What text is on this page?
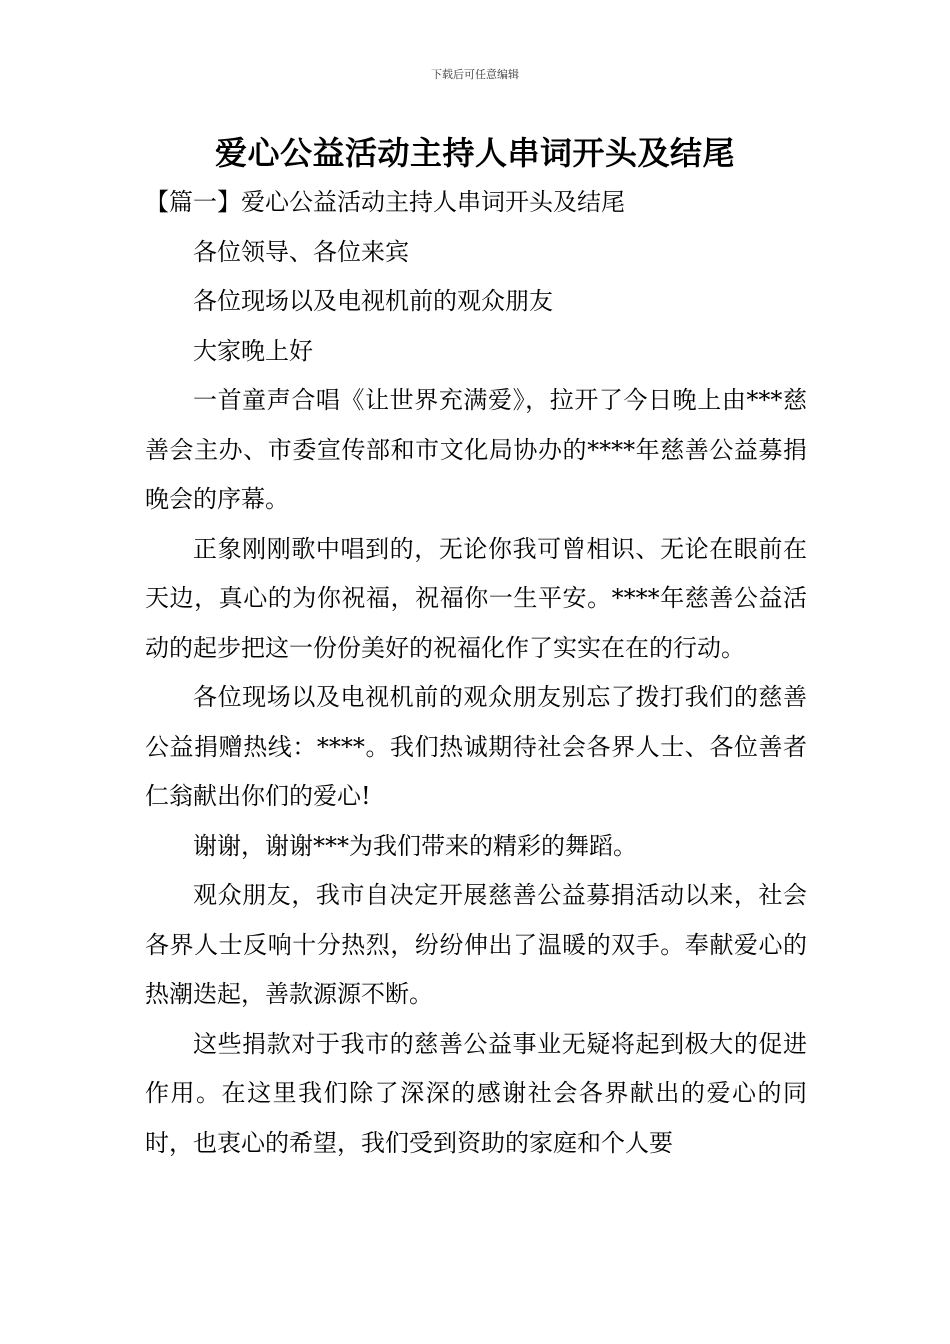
下载后可任意编辑
爱心公益活动主持人串词开头及结尾

【篇一】爱心公益活动主持人串词开头及结尾

各位领导、各位来宾

各位现场以及电视机前的观众朋友

大家晚上好

一首童声合唱《让世界充满爱》，拉开了今日晚上由***慈善会主办、市委宣传部和市文化局协办的****年慈善公益募捐晚会的序幕。

正象刚刚歌中唱到的，无论你我可曾相识、无论在眼前在天边，真心的为你祝福，祝福你一生平安。****年慈善公益活动的起步把这一份份美好的祝福化作了实实在在的行动。

各位现场以及电视机前的观众朋友别忘了拨打我们的慈善公益捐赠热线：****。我们热诚期待社会各界人士、各位善者仁翁献出你们的爱心!

谢谢，谢谢***为我们带来的精彩的舞蹈。

观众朋友，我市自决定开展慈善公益募捐活动以来，社会各界人士反响十分热烈，纷纷伸出了温暖的双手。奉献爱心的热潮迭起，善款源源不断。

这些捐款对于我市的慈善公益事业无疑将起到极大的促进作用。在这里我们除了深深的感谢社会各界献出的爱心的同时，也衷心的希望，我们受到资助的家庭和个人要
